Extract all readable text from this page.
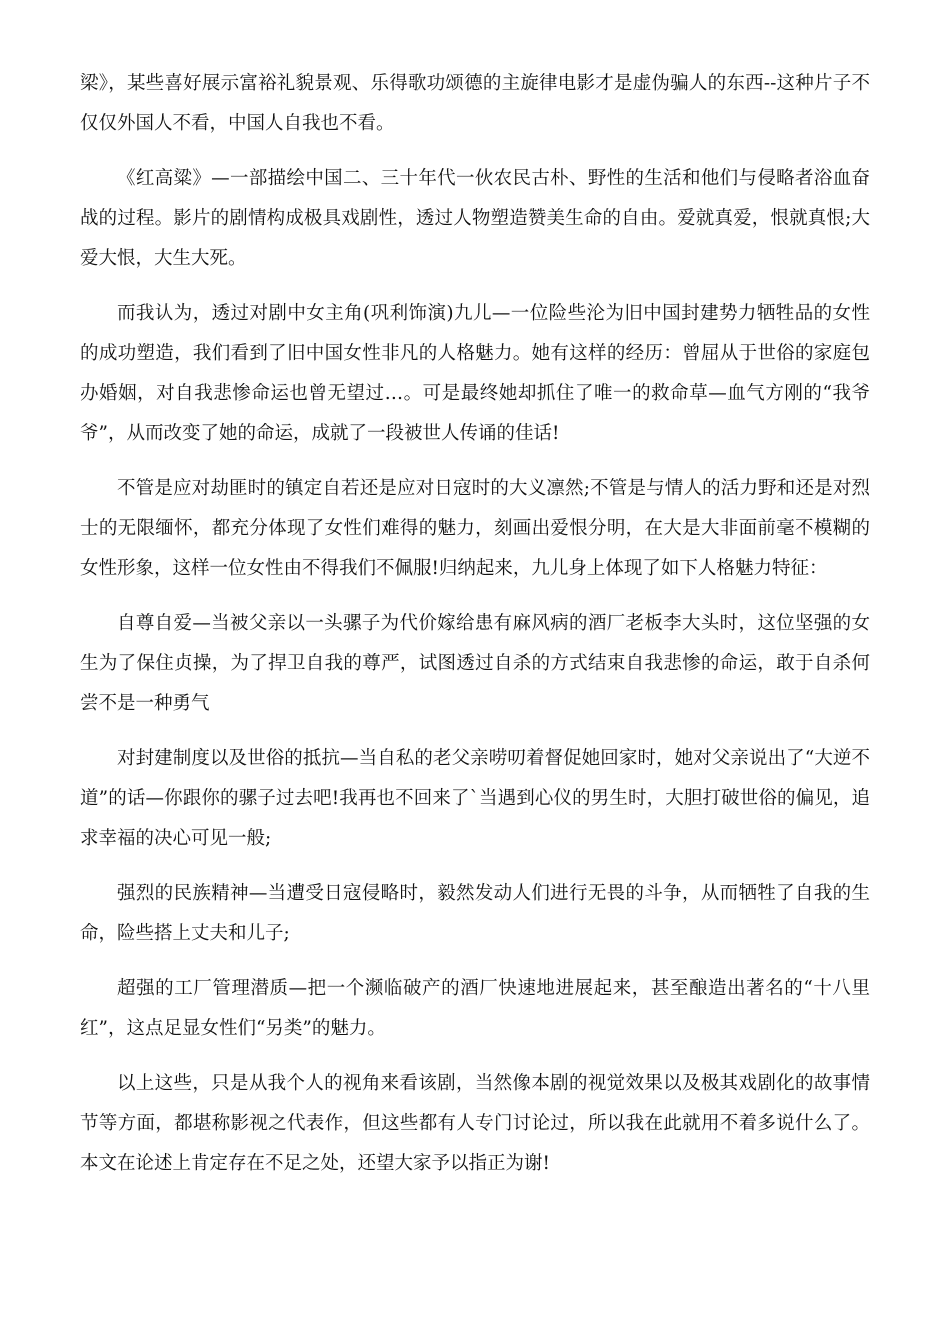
梁》，某些喜好展示富裕礼貌景观、乐得歌功颂德的主旋律电影才是虚伪骗人的东西--这种片子不仅仅外国人不看，中国人自我也不看。

《红高粱》—一部描绘中国二、三十年代一伙农民古朴、野性的生活和他们与侵略者浴血奋战的过程。影片的剧情构成极具戏剧性，透过人物塑造赞美生命的自由。爱就真爱，恨就真恨;大爱大恨，大生大死。

而我认为，透过对剧中女主角(巩利饰演)九儿—一位险些沦为旧中国封建势力牺牲品的女性的成功塑造，我们看到了旧中国女性非凡的人格魅力。她有这样的经历：曾屈从于世俗的家庭包办婚姻，对自我悲惨命运也曾无望过…。可是最终她却抓住了唯一的救命草—血气方刚的“我爷爷”，从而改变了她的命运，成就了一段被世人传诵的佳话!

不管是应对劫匪时的镇定自若还是应对日寇时的大义凛然;不管是与情人的活力野和还是对烈士的无限缅怀，都充分体现了女性们难得的魅力，刻画出爱恨分明，在大是大非面前毫不模糊的女性形象，这样一位女性由不得我们不佩服!归纳起来，九儿身上体现了如下人格魅力特征：

自尊自爱—当被父亲以一头骡子为代价嫁给患有麻风病的酒厂老板李大头时，这位坚强的女生为了保住贞操，为了捍卫自我的尊严，试图透过自杀的方式结束自我悲惨的命运，敢于自杀何尝不是一种勇气

对封建制度以及世俗的抵抗—当自私的老父亲唠叨着督促她回家时，她对父亲说出了“大逆不道”的话—你跟你的骡子过去吧!我再也不回来了`当遇到心仪的男生时，大胆打破世俗的偏见，追求幸福的决心可见一般;

强烈的民族精神—当遭受日寇侵略时，毅然发动人们进行无畏的斗争，从而牺牲了自我的生命，险些搭上丈夫和儿子;

超强的工厂管理潜质—把一个濒临破产的酒厂快速地进展起来，甚至酿造出著名的“十八里红”，这点足显女性们“另类”的魅力。

以上这些，只是从我个人的视角来看该剧，当然像本剧的视觉效果以及极其戏剧化的故事情节等方面，都堪称影视之代表作，但这些都有人专门讨论过，所以我在此就用不着多说什么了。本文在论述上肯定存在不足之处，还望大家予以指正为谢!
